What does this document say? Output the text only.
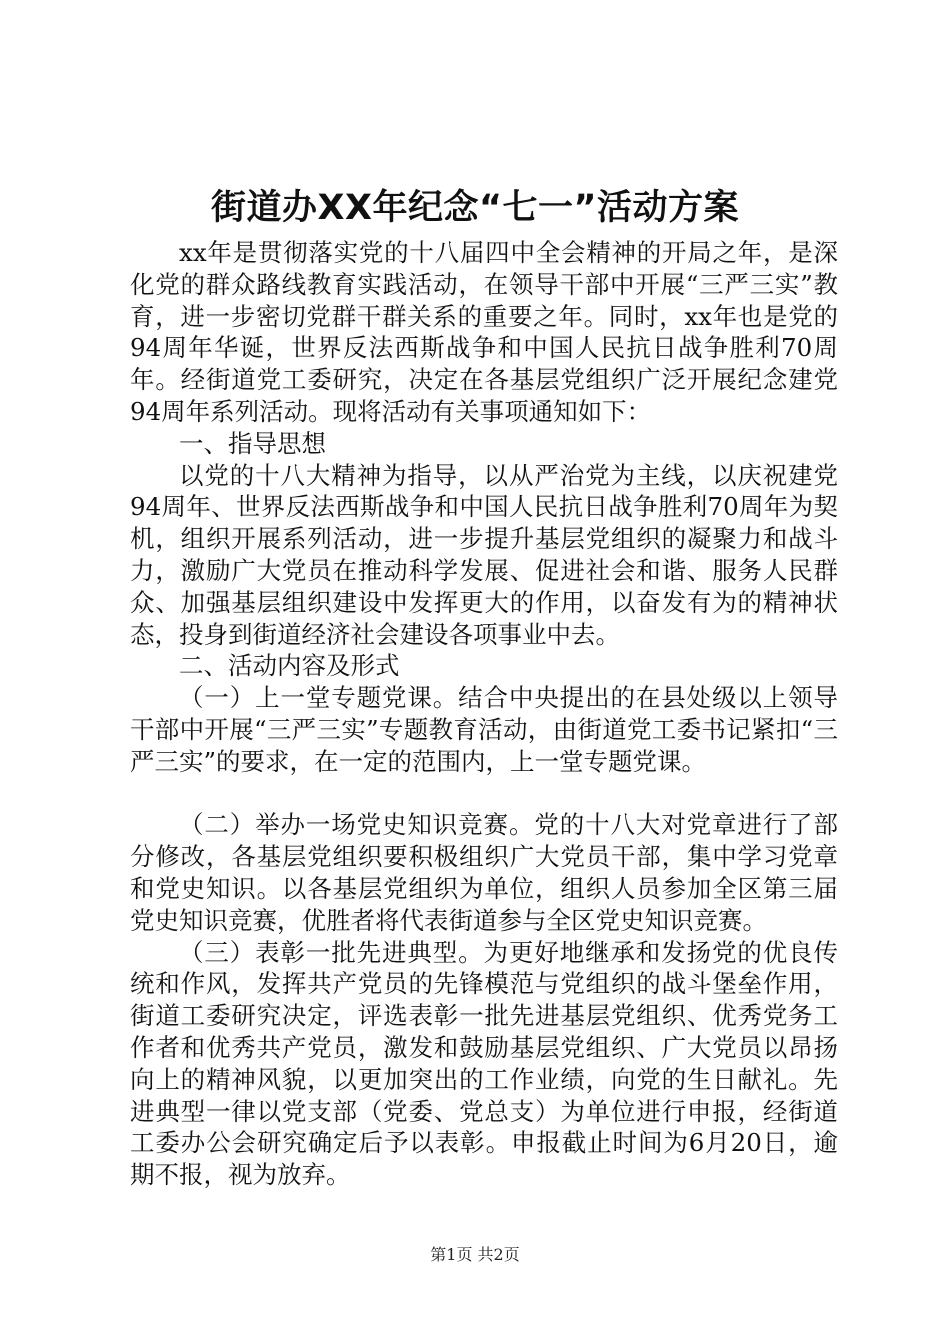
街道办XX年纪念“七一”活动方案

xx年是贯彻落实党的十八届四中全会精神的开局之年，是深化党的群众路线教育实践活动，在领导干部中开展“三严三实”教育，进一步密切党群干群关系的重要之年。同时，xx年也是党的94周年华诞，世界反法西斯战争和中国人民抗日战争胜利70周年。经街道党工委研究，决定在各基层党组织广泛开展纪念建党94周年系列活动。现将活动有关事项通知如下：

一、指导思想

以党的十八大精神为指导，以从严治党为主线，以庆祝建党94周年、世界反法西斯战争和中国人民抗日战争胜利70周年为契机，组织开展系列活动，进一步提升基层党组织的凝聚力和战斗力，激励广大党员在推动科学发展、促进社会和谐、服务人民群众、加强基层组织建设中发挥更大的作用，以奋发有为的精神状态，投身到街道经济社会建设各项事业中去。

二、活动内容及形式

（一）上一堂专题党课。结合中央提出的在县处级以上领导干部中开展“三严三实”专题教育活动，由街道党工委书记紧扣“三严三实”的要求，在一定的范围内，上一堂专题党课。

（二）举办一场党史知识竞赛。党的十八大对党章进行了部分修改，各基层党组织要积极组织广大党员干部，集中学习党章和党史知识。以各基层党组织为单位，组织人员参加全区第三届党史知识竞赛，优胜者将代表街道参与全区党史知识竞赛。

（三）表彰一批先进典型。为更好地继承和发扬党的优良传统和作风，发挥共产党员的先锋模范与党组织的战斗堡垒作用，街道工委研究决定，评选表彰一批先进基层党组织、优秀党务工作者和优秀共产党员，激发和鼓励基层党组织、广大党员以昂扬向上的精神风貌，以更加突出的工作业绩，向党的生日献礼。先进典型一律以党支部（党委、党总支）为单位进行申报，经街道工委办公会研究确定后予以表彰。申报截止时间为6月20日，逾期不报，视为放弃。

第1页 共2页
